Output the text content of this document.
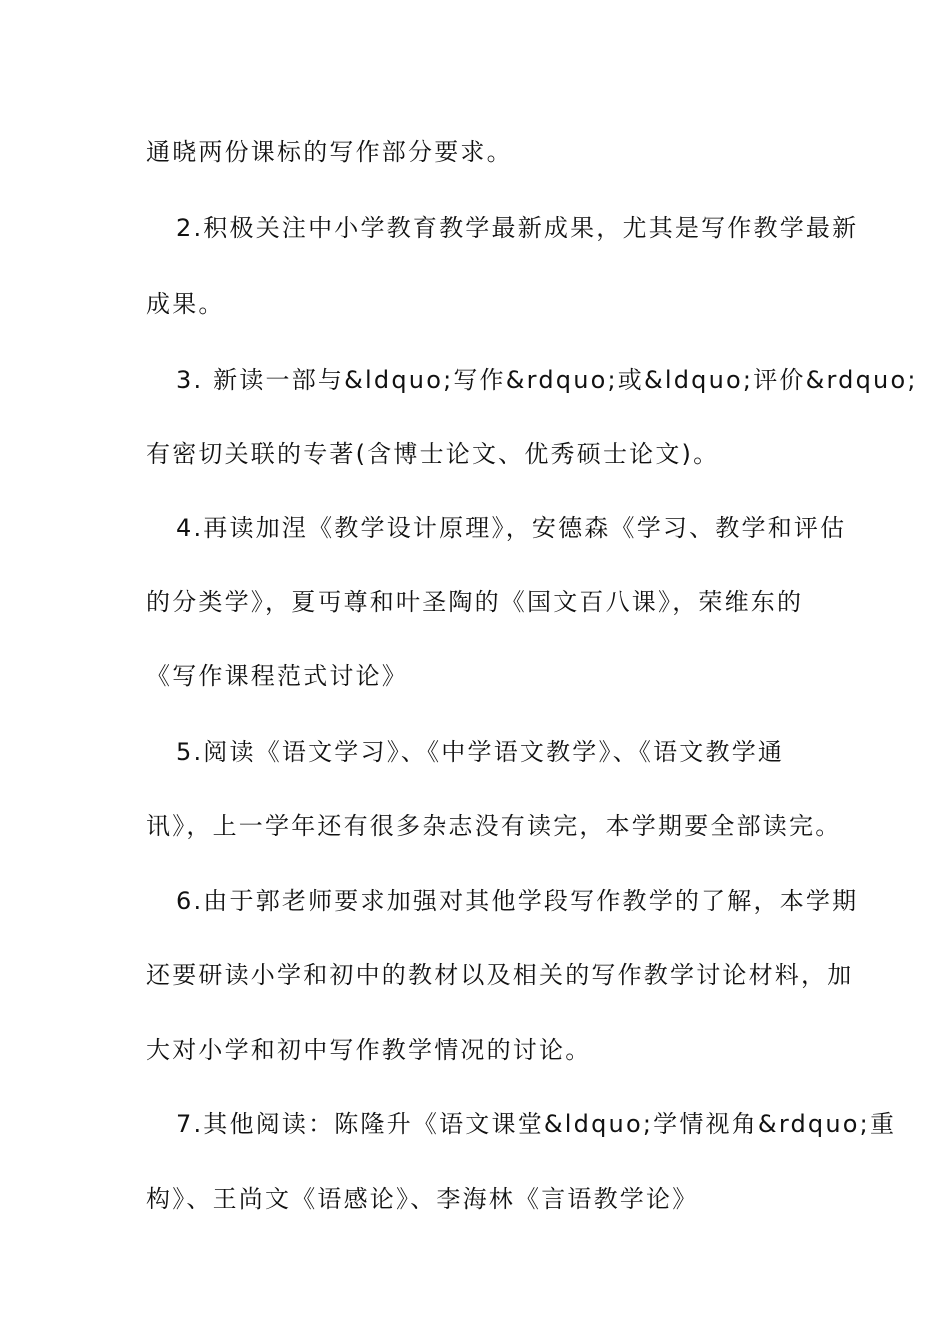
通晓两份课标的写作部分要求。
2.积极关注中小学教育教学最新成果，尤其是写作教学最新
成果。
3. 新读一部与&ldquo;写作&rdquo;或&ldquo;评价&rdquo;
有密切关联的专著(含博士论文、优秀硕士论文)。
4.再读加涅《教学设计原理》，安德森《学习、教学和评估
的分类学》，夏丏尊和叶圣陶的《国文百八课》，荣维东的
《写作课程范式讨论》
5.阅读《语文学习》、《中学语文教学》、《语文教学通
讯》，上一学年还有很多杂志没有读完，本学期要全部读完。
6.由于郭老师要求加强对其他学段写作教学的了解，本学期
还要研读小学和初中的教材以及相关的写作教学讨论材料，加
大对小学和初中写作教学情况的讨论。
7.其他阅读：陈隆升《语文课堂&ldquo;学情视角&rdquo;重
构》、王尚文《语感论》、李海林《言语教学论》
